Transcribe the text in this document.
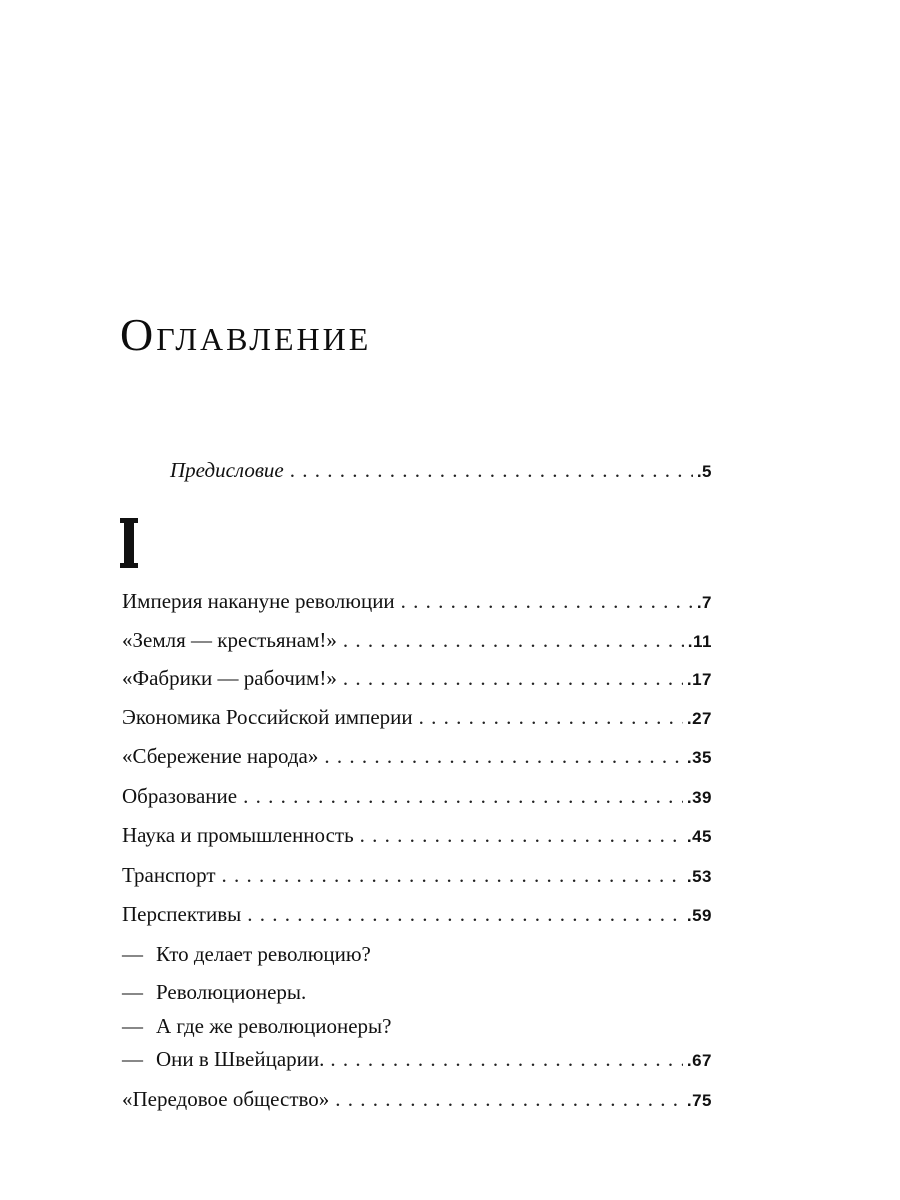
Оглавление
Предисловие . . .	.5
Империя накануне революции . . .	.7
«Земля — крестьянам!» . . .	.11
«Фабрики — рабочим!» . . .	.17
Экономика Российской империи . . .	.27
«Сбережение народа» . . .	.35
Образование . . .	.39
Наука и промышленность . . .	.45
Транспорт . . .	.53
Перспективы . . .	.59
— Кто делает революцию?
— Революционеры.
— А где же революционеры?
— Они в Швейцарии. . . .	.67
«Передовое общество» . . .	.75
